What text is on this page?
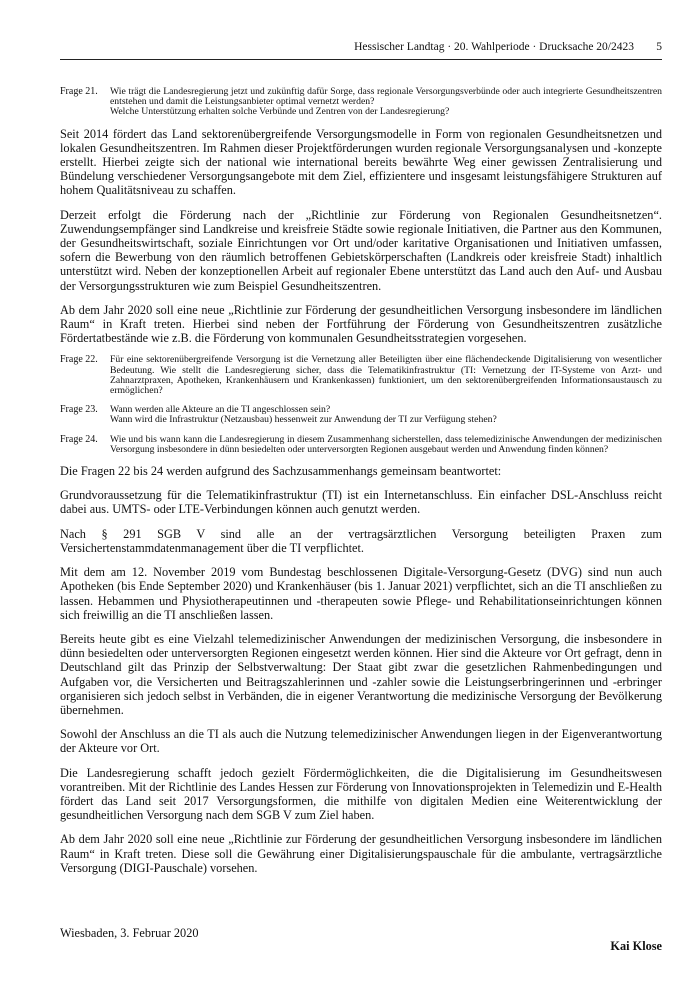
Hessischer Landtag · 20. Wahlperiode · Drucksache 20/2423 5
Frage 21.	Wie trägt die Landesregierung jetzt und zukünftig dafür Sorge, dass regionale Versorgungsverbünde oder auch integrierte Gesundheitszentren entstehen und damit die Leistungsanbieter optimal vernetzt werden?
Welche Unterstützung erhalten solche Verbünde und Zentren von der Landesregierung?

Seit 2014 fördert das Land sektorenübergreifende Versorgungsmodelle in Form von regionalen Gesundheitsnetzen und lokalen Gesundheitszentren. Im Rahmen dieser Projektförderungen wurden regionale Versorgungsanalysen und -konzepte erstellt. Hierbei zeigte sich der national wie international bereits bewährte Weg einer gewissen Zentralisierung und Bündelung verschiedener Versorgungsangebote mit dem Ziel, effizientere und insgesamt leistungsfähigere Strukturen auf hohem Qualitätsniveau zu schaffen.

Derzeit erfolgt die Förderung nach der „Richtlinie zur Förderung von Regionalen Gesundheitsnetzen“. Zuwendungsempfänger sind Landkreise und kreisfreie Städte sowie regionale Initiativen, die Partner aus den Kommunen, der Gesundheitswirtschaft, soziale Einrichtungen vor Ort und/oder karitative Organisationen und Initiativen umfassen, sofern die Bewerbung von den räumlich betroffenen Gebietskörperschaften (Landkreis oder kreisfreie Stadt) inhaltlich unterstützt wird. Neben der konzeptionellen Arbeit auf regionaler Ebene unterstützt das Land auch den Auf- und Ausbau der Versorgungsstrukturen wie zum Beispiel Gesundheitszentren.

Ab dem Jahr 2020 soll eine neue „Richtlinie zur Förderung der gesundheitlichen Versorgung insbesondere im ländlichen Raum“ in Kraft treten. Hierbei sind neben der Fortführung der Förderung von Gesundheitszentren zusätzliche Fördertatbestände wie z.B. die Förderung von kommunalen Gesundheitsstrategien vorgesehen.

Frage 22.	Für eine sektorenübergreifende Versorgung ist die Vernetzung aller Beteiligten über eine flächendeckende Digitalisierung von wesentlicher Bedeutung. Wie stellt die Landesregierung sicher, dass die Telematikinfrastruktur (TI: Vernetzung der IT-Systeme von Arzt- und Zahnarztpraxen, Apotheken, Krankenhäusern und Krankenkassen) funktioniert, um den sektorenübergreifenden Informationsaustausch zu ermöglichen?
Frage 23.	Wann werden alle Akteure an die TI angeschlossen sein?
Wann wird die Infrastruktur (Netzausbau) hessenweit zur Anwendung der TI zur Verfügung stehen?
Frage 24.	Wie und bis wann kann die Landesregierung in diesem Zusammenhang sicherstellen, dass telemedizinische Anwendungen der medizinischen Versorgung insbesondere in dünn besiedelten oder unterversorgten Regionen ausgebaut werden und Anwendung finden können?

Die Fragen 22 bis 24 werden aufgrund des Sachzusammenhangs gemeinsam beantwortet:

Grundvoraussetzung für die Telematikinfrastruktur (TI) ist ein Internetanschluss. Ein einfacher DSL-Anschluss reicht dabei aus. UMTS- oder LTE-Verbindungen können auch genutzt werden.

Nach § 291 SGB V sind alle an der vertragsärztlichen Versorgung beteiligten Praxen zum Versichertenstammdatenmanagement über die TI verpflichtet.

Mit dem am 12. November 2019 vom Bundestag beschlossenen Digitale-Versorgung-Gesetz (DVG) sind nun auch Apotheken (bis Ende September 2020) und Krankenhäuser (bis 1. Januar 2021) verpflichtet, sich an die TI anschließen zu lassen. Hebammen und Physiotherapeutinnen und -therapeuten sowie Pflege- und Rehabilitationseinrichtungen können sich freiwillig an die TI anschließen lassen.

Bereits heute gibt es eine Vielzahl telemedizinischer Anwendungen der medizinischen Versorgung, die insbesondere in dünn besiedelten oder unterversorgten Regionen eingesetzt werden können. Hier sind die Akteure vor Ort gefragt, denn in Deutschland gilt das Prinzip der Selbstverwaltung: Der Staat gibt zwar die gesetzlichen Rahmenbedingungen und Aufgaben vor, die Versicherten und Beitragszahlerinnen und -zahler sowie die Leistungserbringerinnen und -erbringer organisieren sich jedoch selbst in Verbänden, die in eigener Verantwortung die medizinische Versorgung der Bevölkerung übernehmen.

Sowohl der Anschluss an die TI als auch die Nutzung telemedizinischer Anwendungen liegen in der Eigenverantwortung der Akteure vor Ort.

Die Landesregierung schafft jedoch gezielt Fördermöglichkeiten, die die Digitalisierung im Gesundheitswesen vorantreiben. Mit der Richtlinie des Landes Hessen zur Förderung von Innovationsprojekten in Telemedizin und E-Health fördert das Land seit 2017 Versorgungsformen, die mithilfe von digitalen Medien eine Weiterentwicklung der gesundheitlichen Versorgung nach dem SGB V zum Ziel haben.

Ab dem Jahr 2020 soll eine neue „Richtlinie zur Förderung der gesundheitlichen Versorgung insbesondere im ländlichen Raum“ in Kraft treten. Diese soll die Gewährung einer Digitalisierungspauschale für die ambulante, vertragsärztliche Versorgung (DIGI-Pauschale) vorsehen.

Wiesbaden, 3. Februar 2020
Kai Klose
